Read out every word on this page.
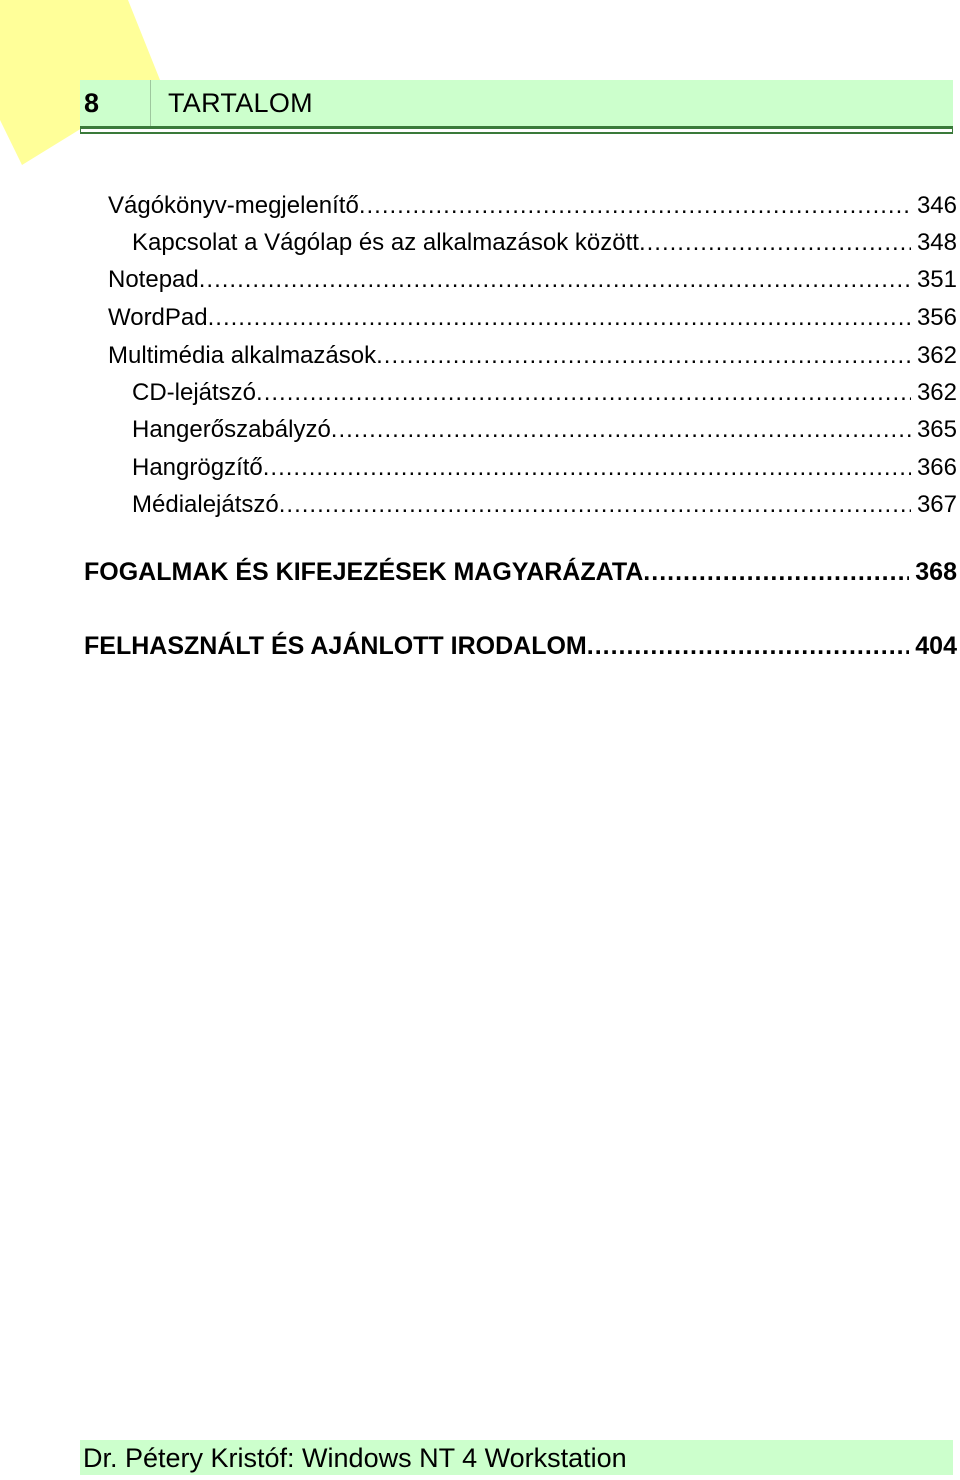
8	TARTALOM
Vágókönyv-megjelenítő .....	346
Kapcsolat a Vágólap és az alkalmazások között .....	348
Notepad .....	351
WordPad .....	356
Multimédia alkalmazások .....	362
CD-lejátszó .....	362
Hangerőszabályzó .....	365
Hangrögzítő .....	366
Médialejátszó .....	367
FOGALMAK ÉS KIFEJEZÉSEK MAGYARÁZATA .....	368
FELHASZNÁLT ÉS AJÁNLOTT IRODALOM .....	404
Dr. Pétery Kristóf: Windows NT 4 Workstation
